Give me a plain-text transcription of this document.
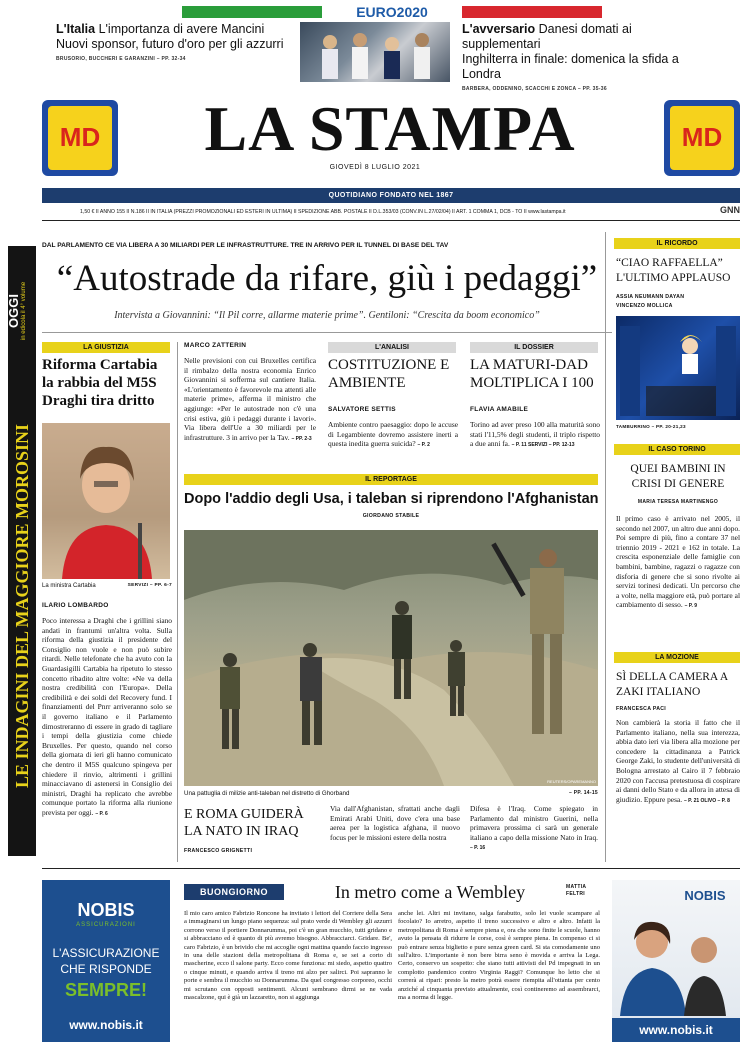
EURO2020
L'Italia L'importanza di avere Mancini
Nuovi sponsor, futuro d'oro per gli azzurri
BRUSORIO, BUCCHERI E GARANZINI – PP. 32-34
L'avversario Danesi domati ai supplementari
Inghilterra in finale: domenica la sfida a Londra
BARBERA, ODDENINO, SCACCHI E ZONCA – PP. 35-36
MD	MD
LA STAMPA
GIOVEDÌ 8 LUGLIO 2021
QUOTIDIANO FONDATO NEL 1867
1,50 € II ANNO 155 II N.186 II IN ITALIA (PREZZI PROMOZIONALI ED ESTERI IN ULTIMA) II SPEDIZIONE ABB. POSTALE II D.L.353/03 (CONV.IN L.27/02/04) II ART. 1 COMMA 1, DCB - TO II www.lastampa.it	GNN
OGGI in edicola il 4° volume
LE INDAGINI DEL MAGGIORE MOROSINI
DAL PARLAMENTO CE VIA LIBERA A 30 MILIARDI PER LE INFRASTRUTTURE. TRE IN ARRIVO PER IL TUNNEL DI BASE DEL TAV
“Autostrade da rifare, giù i pedaggi”
Intervista a Giovannini: “Il Pil corre, allarme materie prime”. Gentiloni: “Crescita da boom economico”
LA GIUSTIZIA
Riforma Cartabia la rabbia del M5S Draghi tira dritto
La ministra Cartabia	SERVIZI – PP. 6-7
ILARIO LOMBARDO
Poco interessa a Draghi che i grillini siano andati in frantumi un'altra volta. Sulla riforma della giustizia il presidente del Consiglio non vuole e non può subire ritardi. Nelle telefonate che ha avuto con la Guardasigilli Cartabia ha ripetuto lo stesso concetto ribadito altre volte: «Ne va della nostra credibilità con l'Europa». Della credibilità e dei soldi del Recovery fund. I finanziamenti del Pnrr arriveranno solo se il governo italiano e il Parlamento dimostreranno di essere in grado di tagliare i tempi della giustizia come chiede Bruxelles. Per questo, quando nel corso della giornata di ieri gli hanno comunicato che dentro il M5S qualcuno spingeva per chiedere il rinvio, altrimenti i grillini minacciavano di astenersi in Consiglio dei ministri, Draghi ha replicato che avrebbe comunque portato la riforma alla riunione prevista per oggi. – P. 6
MARCO ZATTERIN
Nelle previsioni con cui Bruxelles certifica il rimbalzo della nostra economia Enrico Giovannini si sofferma sul cantiere Italia. «L'orientamento è favorevole ma attenti alle materie prime», afferma il ministro che aggiunge: «Per le autostrade non c'è una crisi estiva, giù i pedaggi durante i lavori». Via libera dell'Ue a 30 miliardi per le infrastrutture. 3 in arrivo per la Tav. – PP. 2-3
L'ANALISI
COSTITUZIONE E AMBIENTE
SALVATORE SETTIS
Ambiente contro paesaggio: dopo le accuse di Legambiente dovremo assistere inerti a questa inedita guerra suicida? – P. 2
IL DOSSIER
LA MATURI-DAD MOLTIPLICA I 100
FLAVIA AMABILE
Torino ad aver preso 100 alla maturità sono stati l'11,5% degli studenti, il triplo rispetto a due anni fa. – P. 11 SERVIZI – PP. 12-13
IL REPORTAGE
Dopo l'addio degli Usa, i taleban si riprendono l'Afghanistan
GIORDANO STABILE
REUTERS/OPAREMANNO
Una pattuglia di milizie anti-taleban nel distretto di Ghorband	– PP. 14-15
E ROMA GUIDERÀ LA NATO IN IRAQ
FRANCESCO GRIGNETTI
Via dall'Afghanistan, sfrattati anche dagli Emirati Arabi Uniti, dove c'era una base aerea per la logistica afghana, il nuovo focus per le missioni estere della nostra
Difesa è l'Iraq. Come spiegato in Parlamento dal ministro Guerini, nella primavera prossima ci sarà un generale italiano a capo della missione Nato in Iraq. – P. 16
IL RICORDO
“CIAO RAFFAELLA” L'ULTIMO APPLAUSO
ASSIA NEUMANN DAYAN
VINCENZO MOLLICA
TAMBURRINO – PP. 20-21,23
IL CASO TORINO
QUEI BAMBINI IN CRISI DI GENERE
MARIA TERESA MARTINENGO
Il primo caso è arrivato nel 2005, il secondo nel 2007, un altro due anni dopo. Poi sempre di più, fino a contare 37 nel triennio 2019 - 2021 e 162 in totale. La crescita esponenziale delle famiglie con bambini, bambine, ragazzi o ragazze con disforia di genere che si sono rivolte ai servizi torinesi dedicati. Un percorso che a volte, nella maggiore età, può portare al cambiamento di sesso. – P. 9
LA MOZIONE
SÌ DELLA CAMERA A ZAKI ITALIANO
FRANCESCA PACI
Non cambierà la storia il fatto che il Parlamento italiano, nella sua interezza, abbia dato ieri via libera alla mozione per concedere la cittadinanza a Patrick George Zaki, lo studente dell'università di Bologna arrestato al Cairo il 7 febbraio 2020 con l'accusa pretestuosa di cospirare ai danni dello Stato e da allora in attesa di giudizio. Eppure pesa. – P. 21 OLIVO – P. 8
NOBIS
ASSICURAZIONI
L'ASSICURAZIONE
CHE RISPONDE
SEMPRE!
www.nobis.it
BUONGIORNO	In metro come a Wembley	MATTIA FELTRI
Il mio caro amico Fabrizio Roncone ha invitato i lettori del Corriere della Sera a immaginarsi un lungo piano sequenza: sul prato verde di Wembley gli azzurri corrono verso il portiere Donnarumma, poi c'è un gran mucchio, tutti gridano e si abbracciano ed è quanto di più avremo bisogno. Abbracciarci. Gridare. Be', caro Fabrizio, è un brivido che mi accoglie ogni mattina quando faccio ingresso in una delle stazioni della metropolitana di Roma e, se sei a corto di mascherine, ecco il salone party. Ecco come funziona: mi siedo, aspetto quattro o cinque minuti, e quando arriva il treno mi alzo per salirci. Poi sapranno le porte e sembra il mucchio su Donnarumma. Da quel congresso corporeo, occhi mi scrutano con opposti sentimenti. Alcuni sembrano dirmi se ne vada mascalzone, qui è già un lazzaretto, non si aggiunga
anche lei. Altri mi invitano, salga farabutto, solo lei vuole scampare al focolaio? Io arretro, aspetto il treno successivo e altro e altro. Infatti la metropolitana di Roma è sempre piena e, ora che sono finite le scuole, hanno avuto la pensata di ridurre le corse, così è sempre piena. In compenso ci si può entrare senza biglietto e pure senza green card. Si sta comodamente uno sull'altro. L'importante è non bere birra seno è movida e arriva la Lega. Certo, conservo un sospetto: che siano tutti attivisti del Pd impegnati in un complotto pandemico contro Virginia Raggi? Comunque ho letto che si correrà ai ripari: presto la metro potrà essere riempita all'ottanta per cento anziché al cinquanta previsto attualmente, così contineremo ad assembrarci, ma a norma di legge.
NOBIS
www.nobis.it
